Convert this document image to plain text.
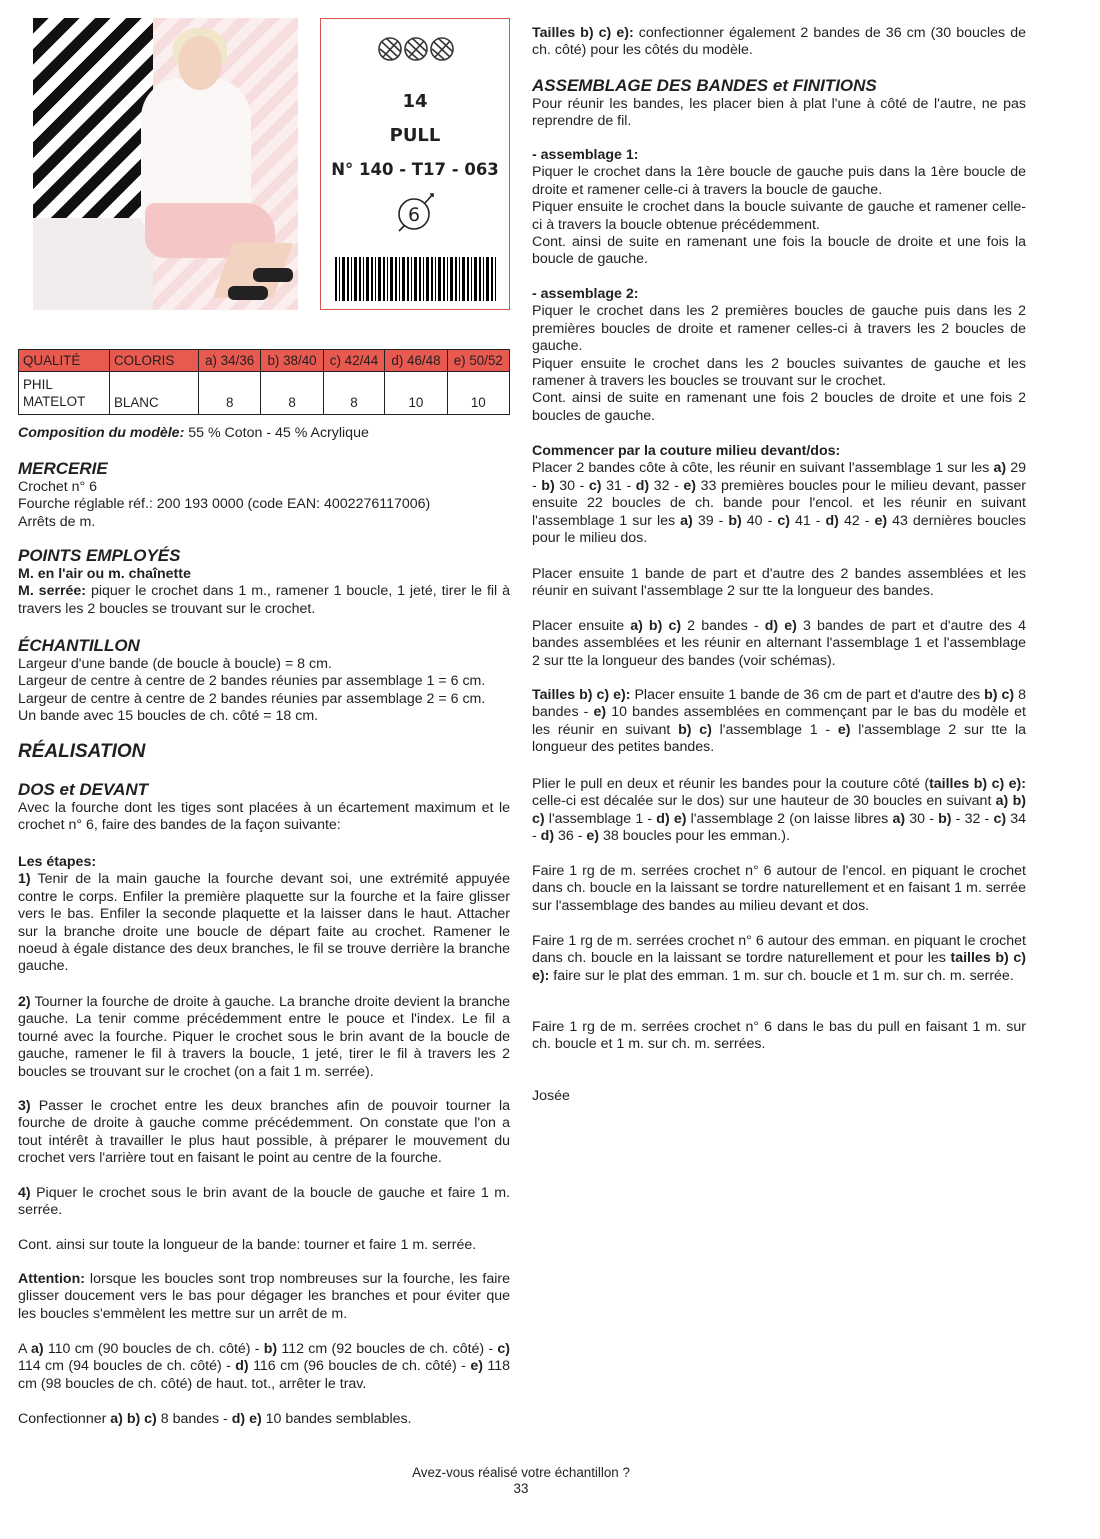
14
PULL
N° 140 - T17 - 063
6
QUALITÉ	COLORIS	a) 34/36	b) 38/40	c) 42/44	d) 46/48	e) 50/52

PHIL
MATELOT	BLANC	8	8	8	10	10

Composition du modèle: 55 % Coton - 45 % Acrylique

MERCERIE

Crochet n° 6

Fourche réglable réf.: 200 193 0000 (code EAN: 4002276117006)

Arrêts de m.

POINTS EMPLOYÉS

M. en l'air ou m. chaînette

M. serrée: piquer le crochet dans 1 m., ramener 1 boucle, 1 jeté, tirer le fil à travers les 2 boucles se trouvant sur le crochet.

ÉCHANTILLON

Largeur d'une bande (de boucle à boucle) = 8 cm.

Largeur de centre à centre de 2 bandes réunies par assemblage 1 = 6 cm.

Largeur de centre à centre de 2 bandes réunies par assemblage 2 = 6 cm.

Un bande avec 15 boucles de ch. côté = 18 cm.

RÉALISATION

DOS et DEVANT

Avec la fourche dont les tiges sont placées à un écartement maximum et le crochet n° 6, faire des bandes de la façon suivante:

Les étapes:

1) Tenir de la main gauche la fourche devant soi, une extrémité appuyée contre le corps. Enfiler la première plaquette sur la fourche et la faire glisser vers le bas. Enfiler la seconde plaquette et la laisser dans le haut. Attacher sur la branche droite une boucle de départ faite au crochet. Ramener le noeud à égale distance des deux branches, le fil se trouve derrière la branche gauche.

2) Tourner la fourche de droite à gauche. La branche droite devient la branche gauche. La tenir comme précédemment entre le pouce et l'index. Le fil a tourné avec la fourche. Piquer le crochet sous le brin avant de la boucle de gauche, ramener le fil à travers la boucle, 1 jeté, tirer le fil à travers les 2 boucles se trouvant sur le crochet (on a fait 1 m. serrée).

3) Passer le crochet entre les deux branches afin de pouvoir tourner la fourche de droite à gauche comme précédemment. On constate que l'on a tout intérêt à travailler le plus haut possible, à préparer le mouvement du crochet vers l'arrière tout en faisant le point au centre de la fourche.

4) Piquer le crochet sous le brin avant de la boucle de gauche et faire 1 m. serrée.

Cont. ainsi sur toute la longueur de la bande: tourner et faire 1 m. serrée.

Attention: lorsque les boucles sont trop nombreuses sur la fourche, les faire glisser doucement vers le bas pour dégager les branches et pour éviter que les boucles s'emmèlent les mettre sur un arrêt de m.

A a) 110 cm (90 boucles de ch. côté) - b) 112 cm (92 boucles de ch. côté) - c) 114 cm (94 boucles de ch. côté) - d) 116 cm (96 boucles de ch. côté) - e) 118 cm (98 boucles de ch. côté) de haut. tot., arrêter le trav.

Confectionner a) b) c) 8 bandes - d) e) 10 bandes semblables.

Tailles b) c) e): confectionner également 2 bandes de 36 cm (30 boucles de ch. côté) pour les côtés du modèle.

ASSEMBLAGE DES BANDES et FINITIONS

Pour réunir les bandes, les placer bien à plat l'une à côté de l'autre, ne pas reprendre de fil.

- assemblage 1:

Piquer le crochet dans la 1ère boucle de gauche puis dans la 1ère boucle de droite et ramener celle-ci à travers la boucle de gauche.

Piquer ensuite le crochet dans la boucle suivante de gauche et ramener celle-ci à travers la boucle obtenue précédemment.

Cont. ainsi de suite en ramenant une fois la boucle de droite et une fois la boucle de gauche.

- assemblage 2:

Piquer le crochet dans les 2 premières boucles de gauche puis dans les 2 premières boucles de droite et ramener celles-ci à travers les 2 boucles de gauche.

Piquer ensuite le crochet dans les 2 boucles suivantes de gauche et les ramener à travers les boucles se trouvant sur le crochet.

Cont. ainsi de suite en ramenant une fois 2 boucles de droite et une fois 2 boucles de gauche.

Commencer par la couture milieu devant/dos:

Placer 2 bandes côte à côte, les réunir en suivant l'assemblage 1 sur les a) 29 - b) 30 - c) 31 - d) 32 - e) 33 premières boucles pour le milieu devant, passer ensuite 22 boucles de ch. bande pour l'encol. et les réunir en suivant l'assemblage 1 sur les a) 39 - b) 40 - c) 41 - d) 42 - e) 43 dernières boucles pour le milieu dos.

Placer ensuite 1 bande de part et d'autre des 2 bandes assemblées et les réunir en suivant l'assemblage 2 sur tte la longueur des bandes.

Placer ensuite a) b) c) 2 bandes - d) e) 3 bandes de part et d'autre des 4 bandes assemblées et les réunir en alternant l'assemblage 1 et l'assemblage 2 sur tte la longueur des bandes (voir schémas).

Tailles b) c) e): Placer ensuite 1 bande de 36 cm de part et d'autre des b) c) 8 bandes - e) 10 bandes assemblées en commençant par le bas du modèle et les réunir en suivant b) c) l'assemblage 1 - e) l'assemblage 2 sur tte la longueur des petites bandes.

Plier le pull en deux et réunir les bandes pour la couture côté (tailles b) c) e): celle-ci est décalée sur le dos) sur une hauteur de 30 boucles en suivant a) b) c) l'assemblage 1 - d) e) l'assemblage 2 (on laisse libres a) 30 - b) - 32 - c) 34 - d) 36 - e) 38 boucles pour les emman.).

Faire 1 rg de m. serrées crochet n° 6 autour de l'encol. en piquant le crochet dans ch. boucle en la laissant se tordre naturellement et en faisant 1 m. serrée sur l'assemblage des bandes au milieu devant et dos.

Faire 1 rg de m. serrées crochet n° 6 autour des emman. en piquant le crochet dans ch. boucle en la laissant se tordre naturellement et pour les tailles b) c) e): faire sur le plat des emman. 1 m. sur ch. boucle et 1 m. sur ch. m. serrée.

Faire 1 rg de m. serrées crochet n° 6 dans le bas du pull en faisant 1 m. sur ch. boucle et 1 m. sur ch. m. serrées.

Josée

Avez-vous réalisé votre échantillon ?
33
